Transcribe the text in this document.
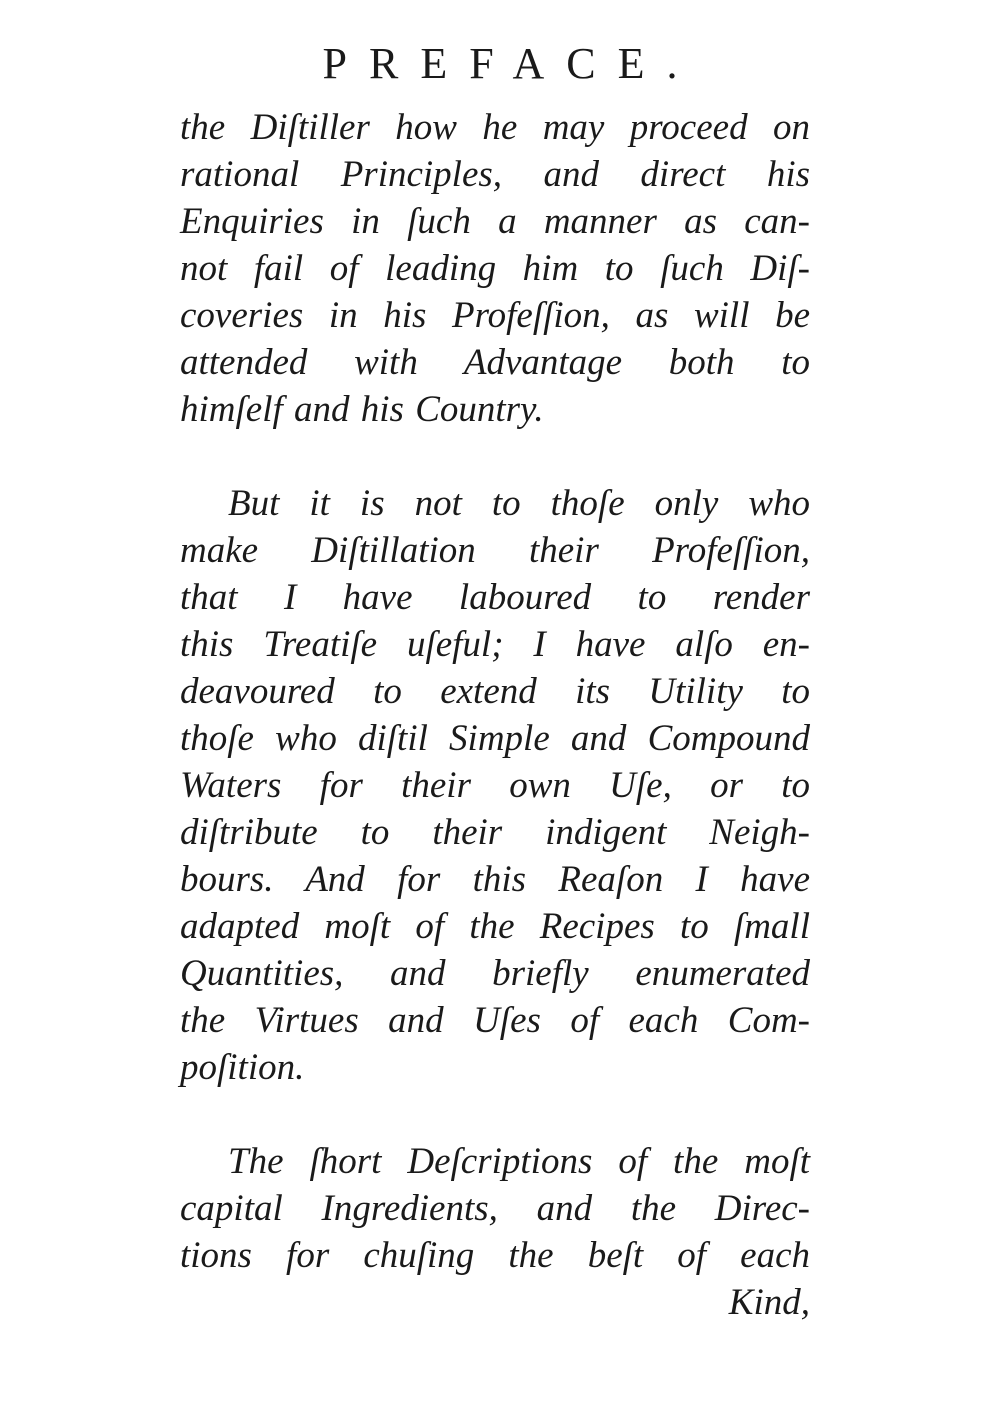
PREFACE.
the Diſtiller how he may proceed on
rational Principles, and direct his
Enquiries in ſuch a manner as can-
not fail of leading him to ſuch Diſ-
coveries in his Profeſſion, as will be
attended with Advantage both to
himſelf and his Country.
But it is not to thoſe only who
make Diſtillation their Profeſſion,
that I have laboured to render
this Treatiſe uſeful; I have alſo en-
deavoured to extend its Utility to
thoſe who diſtil Simple and Compound
Waters for their own Uſe, or to
diſtribute to their indigent Neigh-
bours. And for this Reaſon I have
adapted moſt of the Recipes to ſmall
Quantities, and briefly enumerated
the Virtues and Uſes of each Com-
poſition.
The ſhort Deſcriptions of the moſt
capital Ingredients, and the Direc-
tions for chuſing the beſt of each
Kind,
